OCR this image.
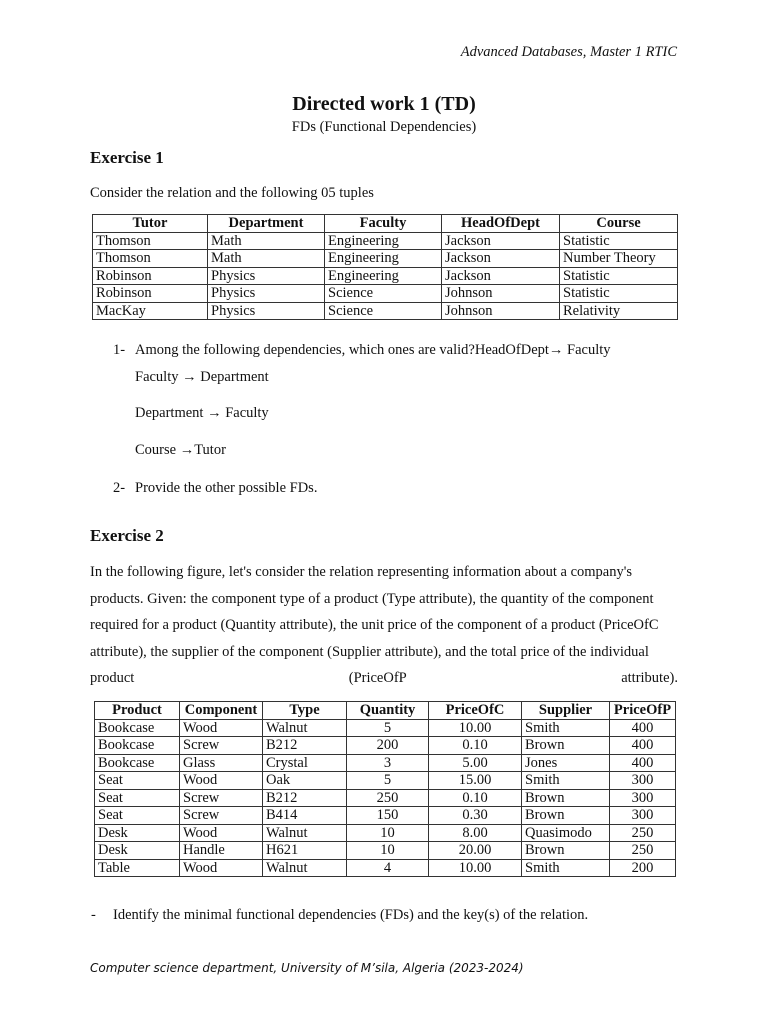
Advanced Databases, Master 1 RTIC
Directed work 1 (TD)
FDs (Functional Dependencies)
Exercise 1
Consider the relation and the following 05 tuples
Tutor	Department	Faculty	HeadOfDept	Course
Thomson	Math	Engineering	Jackson	Statistic
Thomson	Math	Engineering	Jackson	Number Theory
Robinson	Physics	Engineering	Jackson	Statistic
Robinson	Physics	Science	Johnson	Statistic
MacKay	Physics	Science	Johnson	Relativity
1- Among the following dependencies, which ones are valid?HeadOfDept→ Faculty
Faculty → Department
Department → Faculty
Course →Tutor
2- Provide the other possible FDs.
Exercise 2
In the following figure, let's consider the relation representing information about a company's
products. Given: the component type of a product (Type attribute), the quantity of the component
required for a product (Quantity attribute), the unit price of the component of a product (PriceOfC
attribute), the supplier of the component (Supplier attribute), and the total price of the individual
product	(PriceOfP	attribute).
Product	Component	Type	Quantity	PriceOfC	Supplier	PriceOfP
Bookcase	Wood	Walnut	5	10.00	Smith	400
Bookcase	Screw	B212	200	0.10	Brown	400
Bookcase	Glass	Crystal	3	5.00	Jones	400
Seat	Wood	Oak	5	15.00	Smith	300
Seat	Screw	B212	250	0.10	Brown	300
Seat	Screw	B414	150	0.30	Brown	300
Desk	Wood	Walnut	10	8.00	Quasimodo	250
Desk	Handle	H621	10	20.00	Brown	250
Table	Wood	Walnut	4	10.00	Smith	200
- Identify the minimal functional dependencies (FDs) and the key(s) of the relation.
Computer science department, University of M’sila, Algeria (2023-2024)
